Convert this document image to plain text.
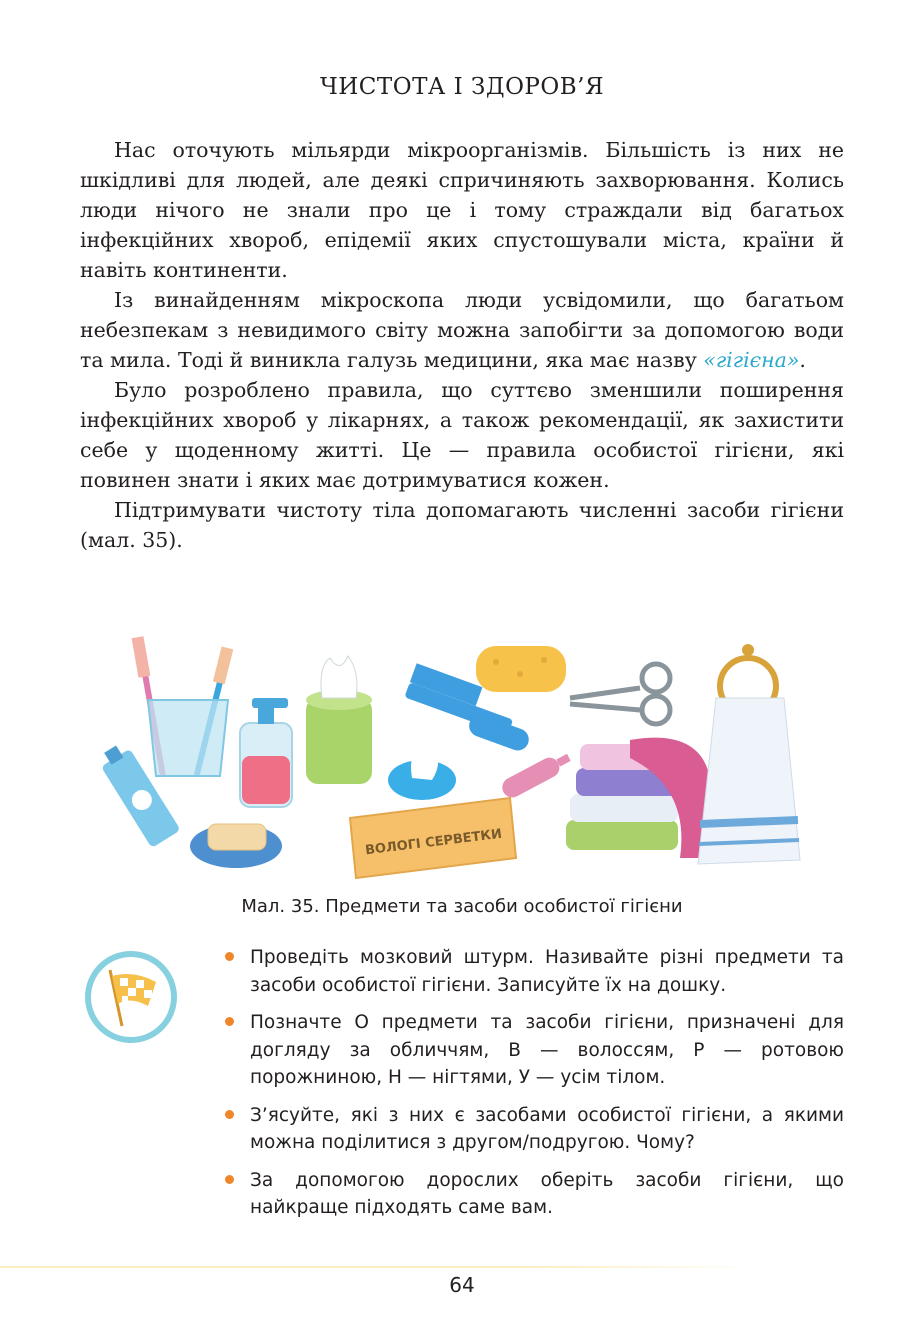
ЧИСТОТА І ЗДОРОВ’Я

Нас оточують мільярди мікроорганізмів. Більшість із них не шкідливі для людей, але деякі спричиняють захворювання. Колись люди нічого не знали про це і тому страждали від багатьох інфекційних хвороб, епідемії яких спустошували міста, країни й навіть континенти.

Із винайденням мікроскопа люди усвідомили, що багатьом небезпекам з невидимого світу можна запобігти за допомогою води та мила. Тоді й виникла галузь медицини, яка має назву «гігієна».

Було розроблено правила, що суттєво зменшили поширення інфекційних хвороб у лікарнях, а також рекомендації, як захистити себе у щоденному житті. Це — правила особистої гігієни, які повинен знати і яких має дотримуватися кожен.

Підтримувати чистоту тіла допомагають численні засоби гігієни (мал. 35).

ВОЛОГІ СЕРВЕТКИ
Мал. 35. Предмети та засоби особистої гігієни
Проведіть мозковий штурм. Називайте різні предмети та засоби особистої гігієни. Записуйте їх на дошку.
Позначте О предмети та засоби гігієни, призначені для догляду за обличчям, В — волоссям, Р — ротовою порожниною, Н — нігтями, У — усім тілом.
З’ясуйте, які з них є засобами особистої гігієни, а якими можна поділитися з другом/подругою. Чому?
За допомогою дорослих оберіть засоби гігієни, що найкраще підходять саме вам.
64
